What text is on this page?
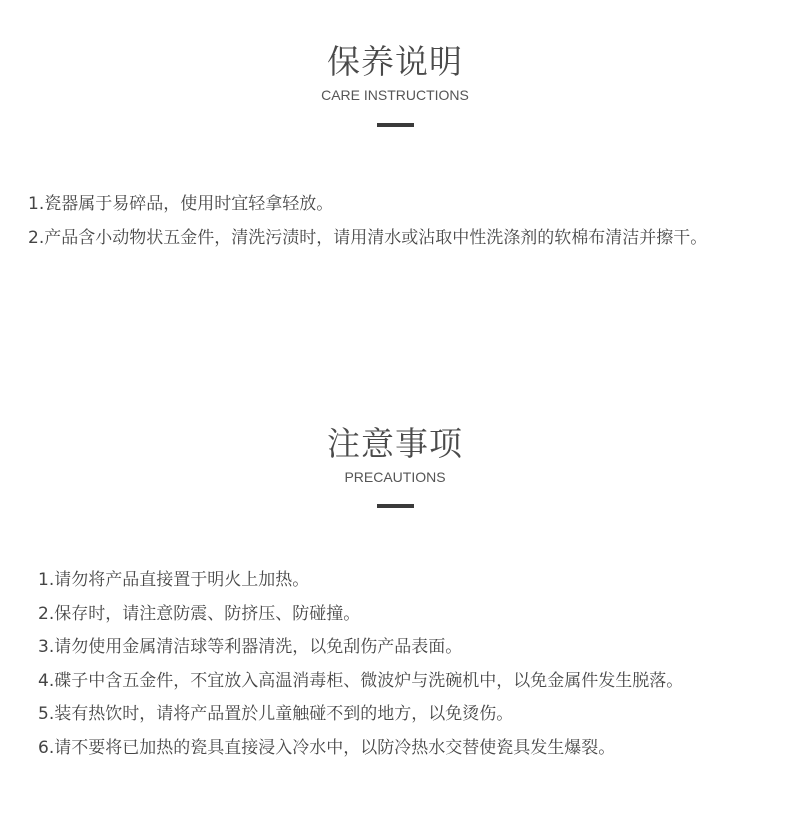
保养说明
CARE INSTRUCTIONS
1.瓷器属于易碎品，使用时宜轻拿轻放。
2.产品含小动物状五金件，清洗污渍时，请用清水或沾取中性洗涤剂的软棉布清洁并擦干。
注意事项
PRECAUTIONS
1.请勿将产品直接置于明火上加热。
2.保存时，请注意防震、防挤压、防碰撞。
3.请勿使用金属清洁球等利器清洗，以免刮伤产品表面。
4.碟子中含五金件，不宜放入高温消毒柜、微波炉与洗碗机中，以免金属件发生脱落。
5.装有热饮时，请将产品置於儿童触碰不到的地方，以免烫伤。
6.请不要将已加热的瓷具直接浸入冷水中，以防冷热水交替使瓷具发生爆裂。
